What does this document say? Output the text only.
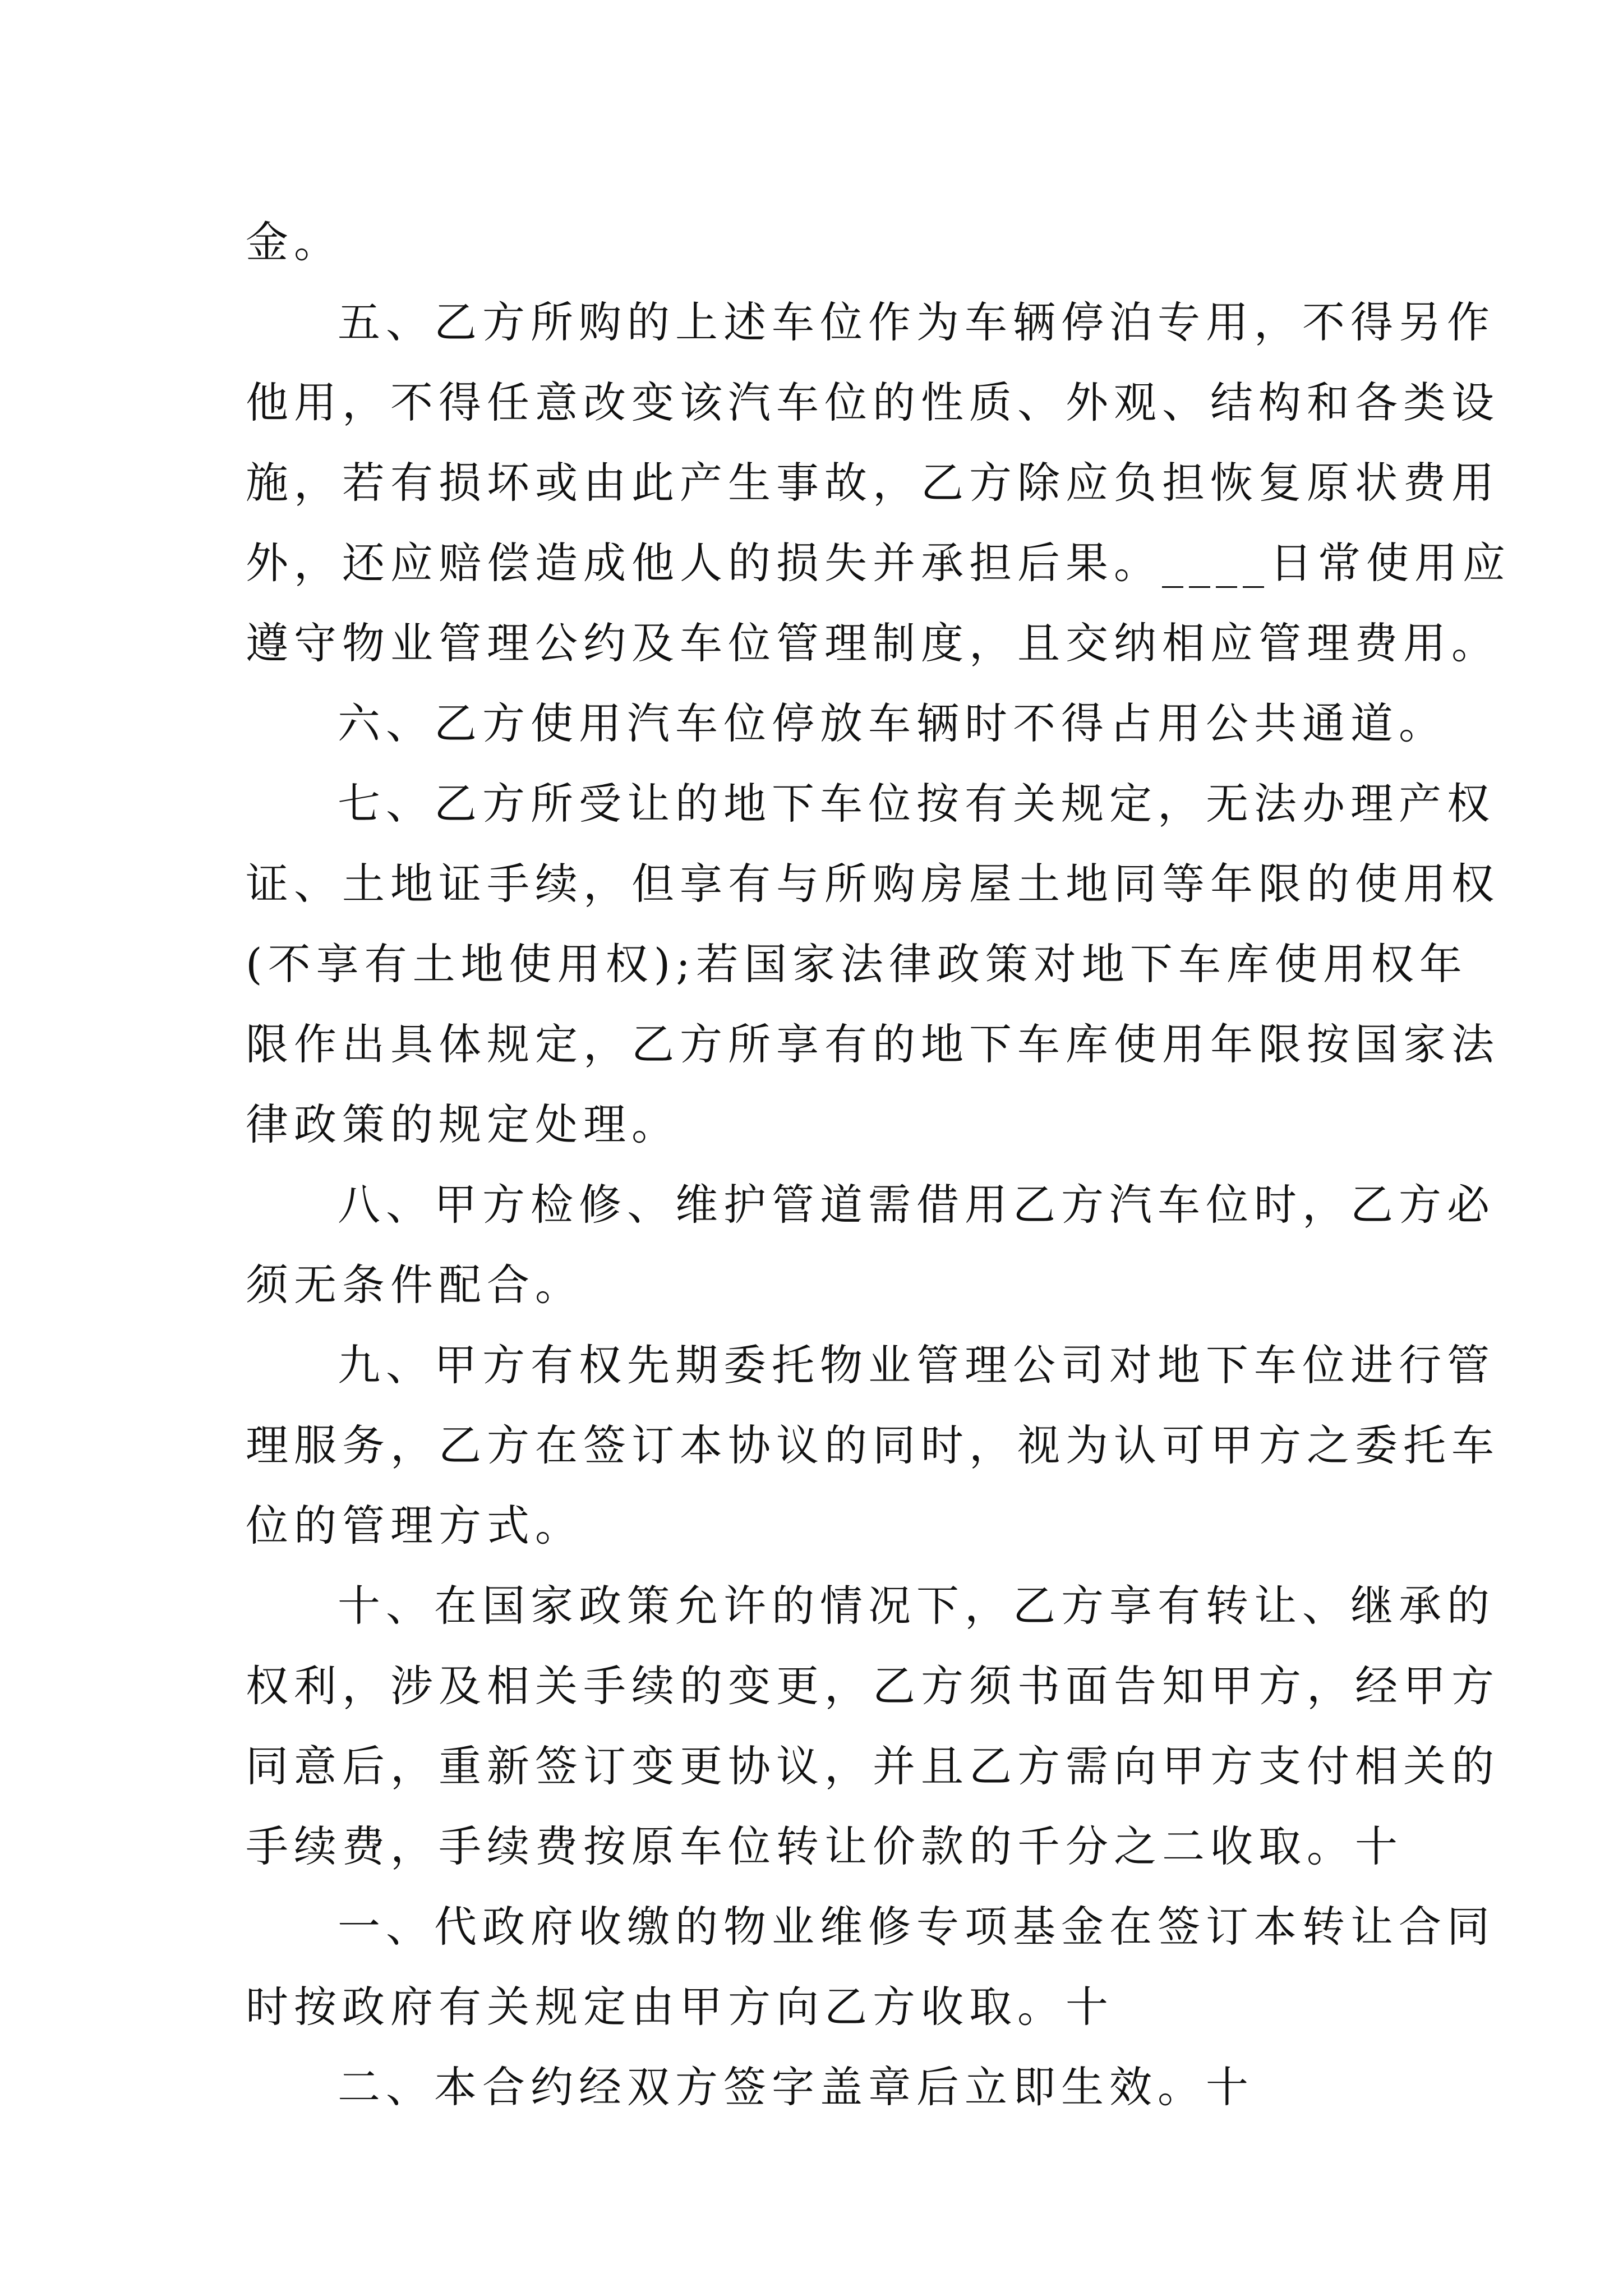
金。
五、乙方所购的上述车位作为车辆停泊专用，不得另作
他用，不得任意改变该汽车位的性质、外观、结构和各类设
施，若有损坏或由此产生事故，乙方除应负担恢复原状费用
外，还应赔偿造成他人的损失并承担后果。____日常使用应
遵守物业管理公约及车位管理制度，且交纳相应管理费用。
六、乙方使用汽车位停放车辆时不得占用公共通道。
七、乙方所受让的地下车位按有关规定，无法办理产权
证、土地证手续，但享有与所购房屋土地同等年限的使用权
(不享有土地使用权);若国家法律政策对地下车库使用权年
限作出具体规定，乙方所享有的地下车库使用年限按国家法
律政策的规定处理。
八、甲方检修、维护管道需借用乙方汽车位时，乙方必
须无条件配合。
九、甲方有权先期委托物业管理公司对地下车位进行管
理服务，乙方在签订本协议的同时，视为认可甲方之委托车
位的管理方式。
十、在国家政策允许的情况下，乙方享有转让、继承的
权利，涉及相关手续的变更，乙方须书面告知甲方，经甲方
同意后，重新签订变更协议，并且乙方需向甲方支付相关的
手续费，手续费按原车位转让价款的千分之二收取。十
一、代政府收缴的物业维修专项基金在签订本转让合同
时按政府有关规定由甲方向乙方收取。十
二、本合约经双方签字盖章后立即生效。十
